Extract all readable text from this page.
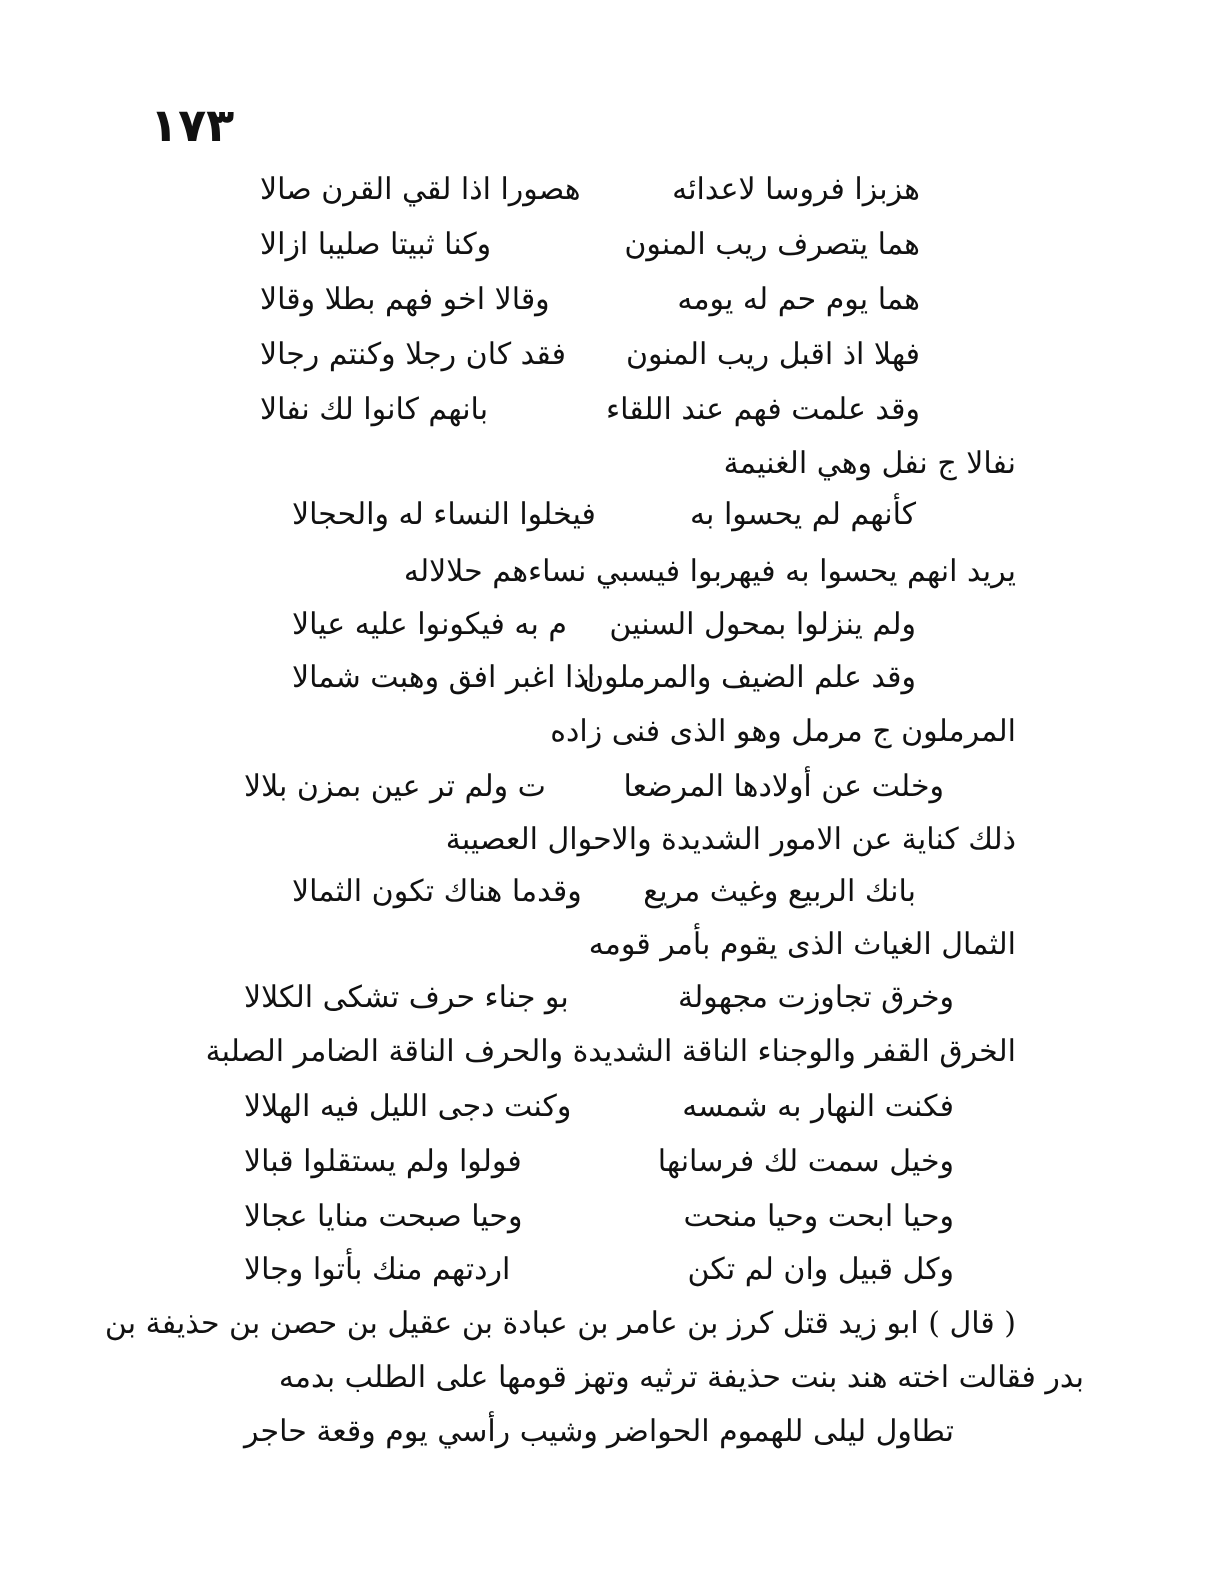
١٧٣
هزبزا فروسا لاعدائه
هصورا اذا لقي القرن صالا
هما يتصرف ريب المنون
وكنا ثبيتا صليبا ازالا
هما يوم حم له يومه
وقالا اخو فهم بطلا وقالا
فهلا اذ اقبل ريب المنون
فقد كان رجلا وكنتم رجالا
وقد علمت فهم عند اللقاء
بانهم كانوا لك نفالا
نفالا ج نفل وهي الغنيمة
كأنهم لم يحسوا به
فيخلوا النساء له والحجالا
يريد انهم يحسوا به فيهربوا فيسبي نساءهم حلالاله
ولم ينزلوا بمحول السنين
م به فيكونوا عليه عيالا
وقد علم الضيف والمرملون
اذا اغبر افق وهبت شمالا
المرملون ج مرمل وهو الذى فنى زاده
وخلت عن أولادها المرضعا
ت ولم تر عين بمزن بلالا
ذلك كناية عن الامور الشديدة والاحوال العصيبة
بانك الربيع وغيث مريع
وقدما هناك تكون الثمالا
الثمال الغياث الذى يقوم بأمر قومه
وخرق تجاوزت مجهولة
بو جناء حرف تشكى الكلالا
الخرق القفر والوجناء الناقة الشديدة والحرف الناقة الضامر الصلبة
فكنت النهار به شمسه
وكنت دجى الليل فيه الهلالا
وخيل سمت لك فرسانها
فولوا ولم يستقلوا قبالا
وحيا ابحت وحيا منحت
وحيا صبحت منايا عجالا
وكل قبيل وان لم تكن
اردتهم منك بأتوا وجالا
( قال ) ابو زيد قتل كرز بن عامر بن عبادة بن عقيل بن حصن بن حذيفة بن
بدر فقالت اخته هند بنت حذيفة ترثيه وتهز قومها على الطلب بدمه
تطاول ليلى للهموم الحواضر
وشيب رأسي يوم وقعة حاجر
